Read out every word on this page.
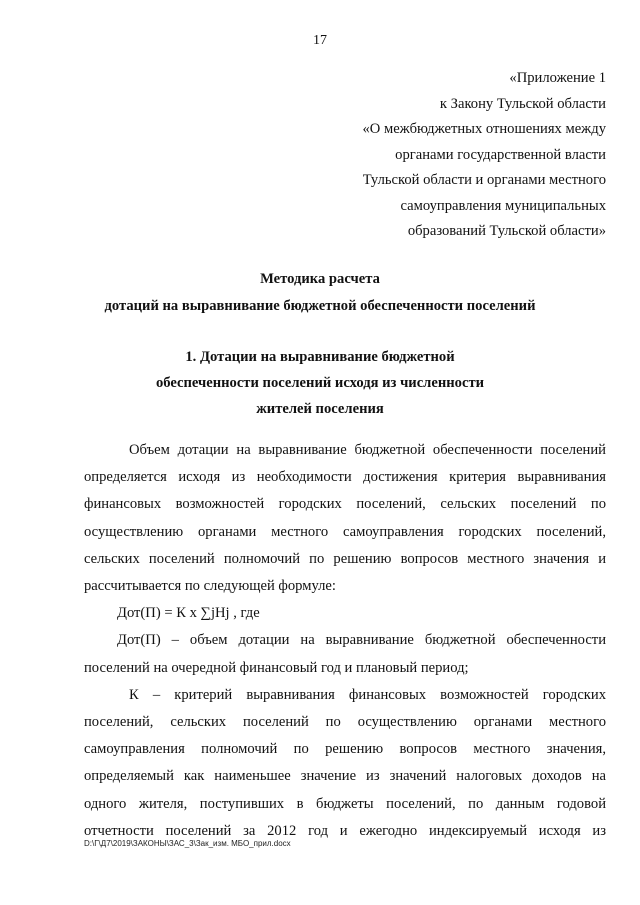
17
«Приложение 1
к Закону Тульской области
«О межбюджетных отношениях между
органами государственной власти
Тульской области и органами местного
самоуправления муниципальных
образований Тульской области»
Методика расчета
дотаций на выравнивание бюджетной обеспеченности поселений
1. Дотации на выравнивание бюджетной
обеспеченности поселений исходя из численности
жителей поселения
Объем дотации на выравнивание бюджетной обеспеченности поселений
определяется исходя из необходимости достижения критерия выравнивания
финансовых возможностей городских поселений, сельских поселений по
осуществлению органами местного самоуправления городских поселений,
сельских поселений полномочий по решению вопросов местного значения и
рассчитывается по следующей формуле:
Дот(П) = К х ∑jHj , где
Дот(П) – объем дотации на выравнивание бюджетной обеспеченности
поселений на очередной финансовый год и плановый период;
К – критерий выравнивания финансовых возможностей городских
поселений, сельских поселений по осуществлению органами местного
самоуправления полномочий по решению вопросов местного значения,
определяемый как наименьшее значение из значений налоговых доходов на
одного жителя, поступивших в бюджеты поселений, по данным годовой
отчетности поселений за 2012 год и ежегодно индексируемый исходя из
D:\Г\Д7\2019\ЗАКОНЫ\ЗАС_3\Зак_изм. МБО_прил.docx
